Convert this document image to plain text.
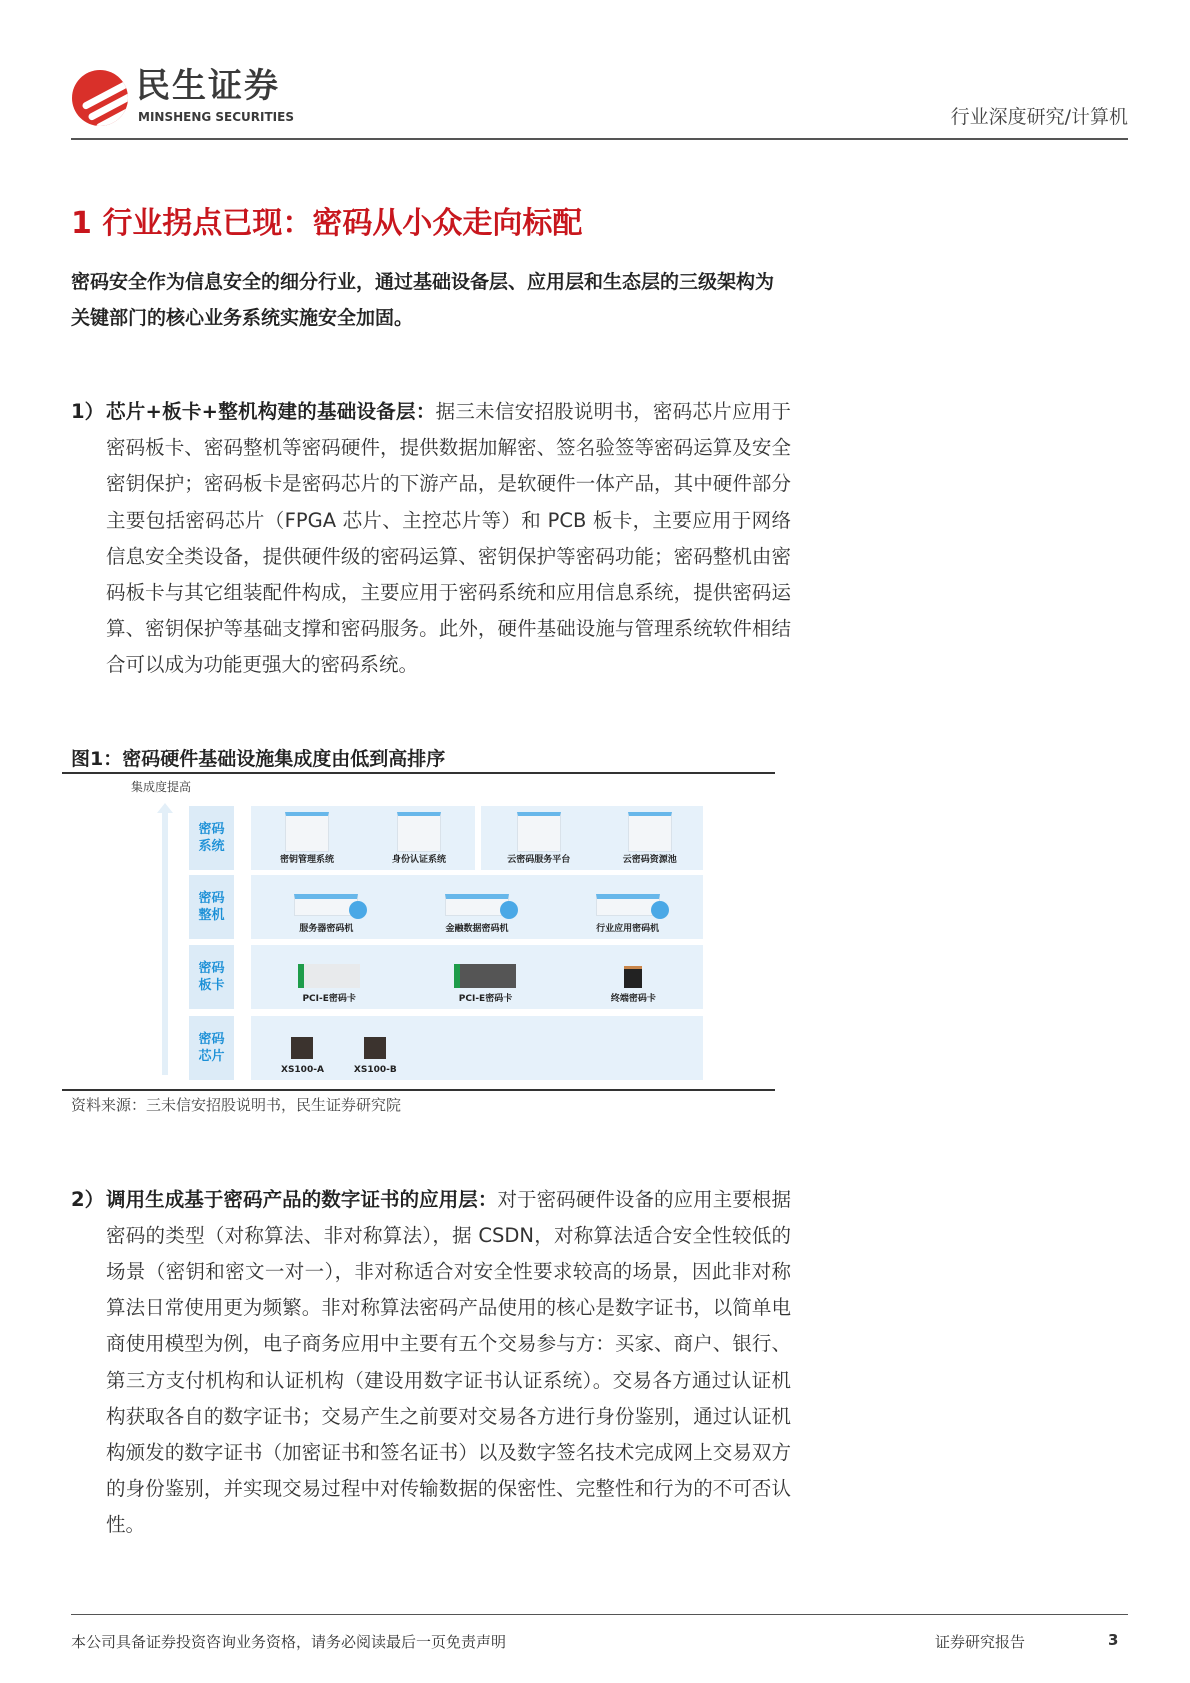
民生证券
MINSHENG SECURITIES	行业深度研究/计算机
1 行业拐点已现：密码从小众走向标配
密码安全作为信息安全的细分行业，通过基础设备层、应用层和生态层的三级架构为关键部门的核心业务系统实施安全加固。
1） 芯片+板卡+整机构建的基础设备层：据三未信安招股说明书，密码芯片应用于密码板卡、密码整机等密码硬件，提供数据加解密、签名验签等密码运算及安全密钥保护；密码板卡是密码芯片的下游产品，是软硬件一体产品，其中硬件部分主要包括密码芯片（FPGA 芯片、主控芯片等）和 PCB 板卡，主要应用于网络信息安全类设备，提供硬件级的密码运算、密钥保护等密码功能；密码整机由密码板卡与其它组装配件构成，主要应用于密码系统和应用信息系统，提供密码运算、密钥保护等基础支撑和密码服务。此外，硬件基础设施与管理系统软件相结合可以成为功能更强大的密码系统。
图1：密码硬件基础设施集成度由低到高排序
集成度提高
密码
系统
密钥管理系统	身份认证系统	云密码服务平台	云密码资源池
密码
整机
服务器密码机	金融数据密码机	行业应用密码机
密码
板卡
PCI-E密码卡	PCI-E密码卡	终端密码卡
密码
芯片
XS100-A	XS100-B
资料来源：三未信安招股说明书，民生证券研究院
2） 调用生成基于密码产品的数字证书的应用层：对于密码硬件设备的应用主要根据密码的类型（对称算法、非对称算法），据 CSDN，对称算法适合安全性较低的场景（密钥和密文一对一），非对称适合对安全性要求较高的场景，因此非对称算法日常使用更为频繁。非对称算法密码产品使用的核心是数字证书，以简单电商使用模型为例，电子商务应用中主要有五个交易参与方：买家、商户、银行、第三方支付机构和认证机构（建设用数字证书认证系统）。交易各方通过认证机构获取各自的数字证书；交易产生之前要对交易各方进行身份鉴别，通过认证机构颁发的数字证书（加密证书和签名证书）以及数字签名技术完成网上交易双方的身份鉴别，并实现交易过程中对传输数据的保密性、完整性和行为的不可否认性。
本公司具备证券投资咨询业务资格，请务必阅读最后一页免责声明	证券研究报告	3
